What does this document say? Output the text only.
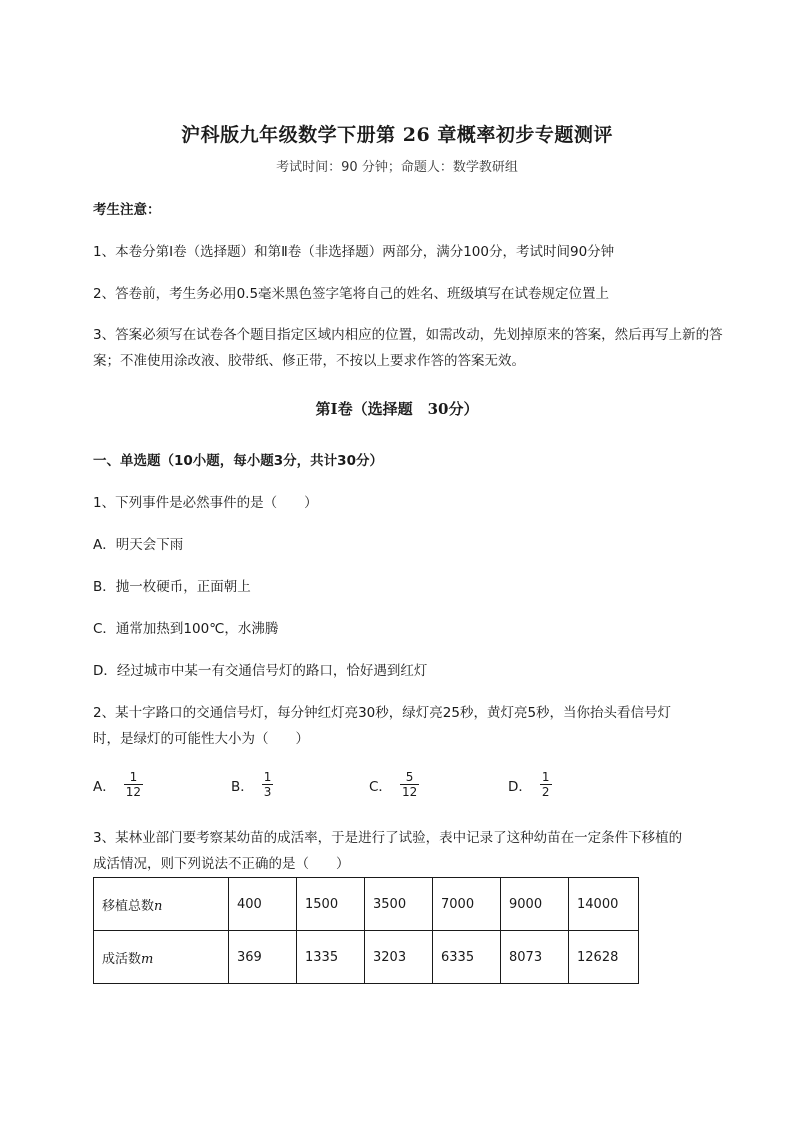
沪科版九年级数学下册第 26 章概率初步专题测评
考试时间：90 分钟；命题人：数学教研组
考生注意：
1、本卷分第Ⅰ卷（选择题）和第Ⅱ卷（非选择题）两部分，满分100分，考试时间90分钟
2、答卷前，考生务必用0.5毫米黑色签字笔将自己的姓名、班级填写在试卷规定位置上
3、答案必须写在试卷各个题目指定区域内相应的位置，如需改动，先划掉原来的答案，然后再写上新的答案；不准使用涂改液、胶带纸、修正带，不按以上要求作答的答案无效。
第Ⅰ卷（选择题　30分）
一、单选题（10小题，每小题3分，共计30分）
1、下列事件是必然事件的是（　　）
A．明天会下雨
B．抛一枚硬币，正面朝上
C．通常加热到100℃，水沸腾
D．经过城市中某一有交通信号灯的路口，恰好遇到红灯
2、某十字路口的交通信号灯，每分钟红灯亮30秒，绿灯亮25秒，黄灯亮5秒，当你抬头看信号灯
时，是绿灯的可能性大小为（　　）
A． $\frac{1}{12}$	B． $\frac{1}{3}$	C． $\frac{5}{12}$	D． $\frac{1}{2}$
3、某林业部门要考察某幼苗的成活率，于是进行了试验，表中记录了这种幼苗在一定条件下移植的
成活情况，则下列说法不正确的是（　　）
移植总数n	400	1500	3500	7000	9000	14000
成活数m	369	1335	3203	6335	8073	12628
